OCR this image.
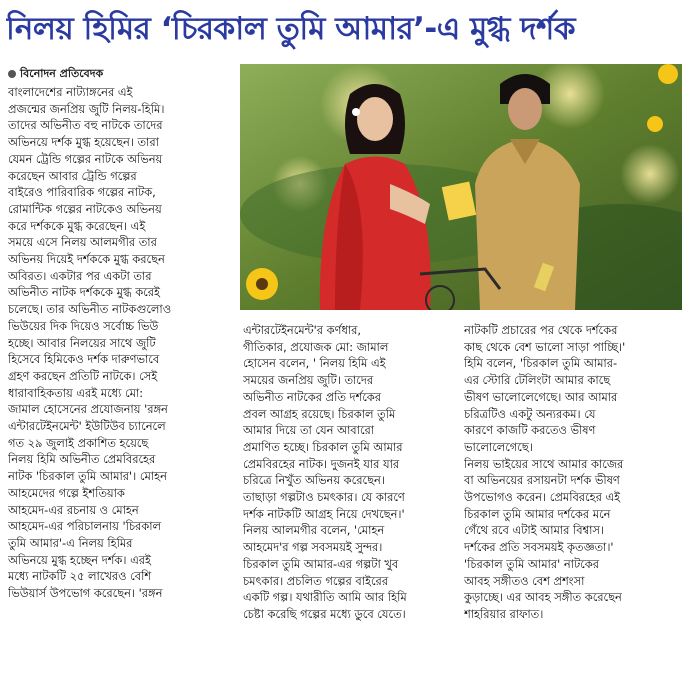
নিলয় হিমির ‘চিরকাল তুমি আমার’-এ মুগ্ধ দর্শক
বিনোদন প্রতিবেদক
বাংলাদেশের নাট্যাঙ্গনের এই
প্রজন্মের জনপ্রিয় জুটি নিলয়-হিমি।
তাদের অভিনীত বহু নাটকে তাদের
অভিনয়ে দর্শক মুগ্ধ হয়েছেন। তারা
যেমন ট্রেন্ডি গল্পের নাটকে অভিনয়
করেছেন আবার ট্রেন্ডি গল্পের
বাইরেও পারিবারিক গল্পের নাটক,
রোমান্টিক গল্পের নাটকেও অভিনয়
করে দর্শককে মুগ্ধ করেছেন। এই
সময়ে এসে নিলয় আলমগীর তার
অভিনয় দিয়েই দর্শককে মুগ্ধ করছেন
অবিরত। একটার পর একটা তার
অভিনীত নাটক দর্শককে মুগ্ধ করেই
চলেছে। তার অভিনীত নাটকগুলোও
ভিউয়ের দিক দিয়েও সর্বোচ্চ ভিউ
হচ্ছে। আবার নিলয়ের সাথে জুটি
হিসেবে হিমিকেও দর্শক দারুণভাবে
গ্রহণ করছেন প্রতিটি নাটকে। সেই
ধারাবাহিকতায় এরই মধ্যে মো:
জামাল হোসেনের প্রযোজনায় 'রঙ্গন
এন্টারটেইনমেন্ট' ইউটিউব চ্যানেলে
গত ২৯ জুলাই প্রকাশিত হয়েছে
নিলয় হিমি অভিনীত প্রেমবিরহের
নাটক 'চিরকাল তুমি আমার'। মোহন
আহমেদের গল্পে ইশতিয়াক
আহমেদ-এর রচনায় ও মোহন
আহমেদ-এর পরিচালনায় 'চিরকাল
তুমি আমার'-এ নিলয় হিমির
অভিনয়ে মুগ্ধ হচ্ছেন দর্শক। এরই
মধ্যে নাটকটি ২৫ লাখেরও বেশি
ভিউয়ার্স উপভোগ করেছেন। 'রঙ্গন
এন্টারটেইনমেন্ট'র কর্ণধার,
গীতিকার, প্রযোজক মো: জামাল
হোসেন বলেন, ' নিলয় হিমি এই
সময়ের জনপ্রিয় জুটি। তাদের
অভিনীত নাটকের প্রতি দর্শকের
প্রবল আগ্রহ রয়েছে। চিরকাল তুমি
আমার দিয়ে তা যেন আবারো
প্রমাণিত হচ্ছে। চিরকাল তুমি আমার
প্রেমবিরহের নাটক। দুজনই যার যার
চরিত্রে নিখুঁত অভিনয় করেছেন।
তাছাড়া গল্পটাও চমৎকার। যে কারণে
দর্শক নাটকটি আগ্রহ নিয়ে দেখছেন।'
নিলয় আলমগীর বলেন, 'মোহন
আহমেদ'র গল্প সবসময়ই সুন্দর।
চিরকাল তুমি আমার-এর গল্পটা খুব
চমৎকার। প্রচলিত গল্পের বাইরের
একটি গল্প। যথারীতি আমি আর হিমি
চেষ্টা করেছি গল্পের মধ্যে ডুবে যেতে।
নাটকটি প্রচারের পর থেকে দর্শকের
কাছ থেকে বেশ ভালো সাড়া পাচ্ছি।'
হিমি বলেন, 'চিরকাল তুমি আমার-
এর স্টোরি টেলিংটা আমার কাছে
ভীষণ ভালোলেগেছে। আর আমার
চরিত্রটিও একটু অন্যরকম। যে
কারণে কাজটি করতেও ভীষণ
ভালোলেগেছে।
নিলয় ভাইয়ের সাথে আমার কাজের
বা অভিনয়ের রসায়নটা দর্শক ভীষণ
উপভোগও করেন। প্রেমবিরহের এই
চিরকাল তুমি আমার দর্শকের মনে
গেঁথে রবে এটাই আমার বিশ্বাস।
দর্শকের প্রতি সবসময়ই কৃতজ্ঞতা।'
'চিরকাল তুমি আমার' নাটকের
আবহ সঙ্গীতও বেশ প্রশংসা
কুড়াচ্ছে। এর আবহ সঙ্গীত করেছেন
শাহরিয়ার রাফাত।
